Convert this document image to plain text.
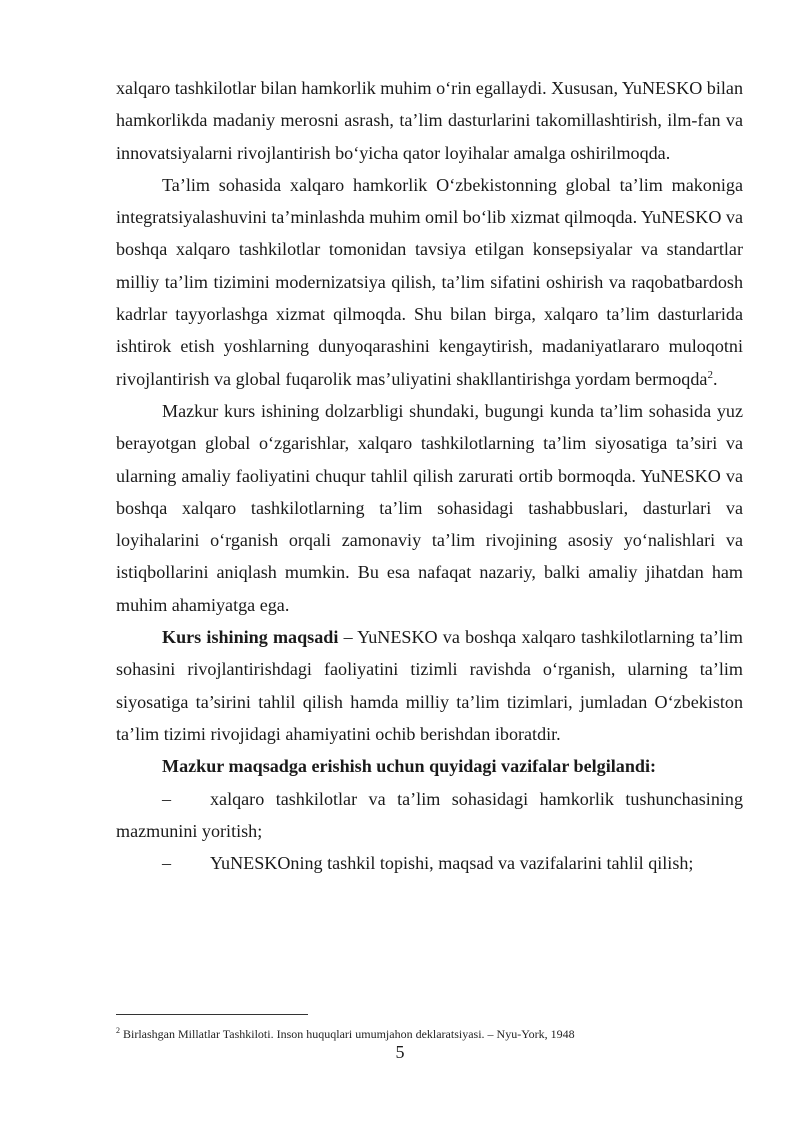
xalqaro tashkilotlar bilan hamkorlik muhim o‘rin egallaydi. Xususan, YuNESKO bilan hamkorlikda madaniy merosni asrash, ta’lim dasturlarini takomillashtirish, ilm-fan va innovatsiyalarni rivojlantirish bo‘yicha qator loyihalar amalga oshirilmoqda.

Ta’lim sohasida xalqaro hamkorlik O‘zbekistonning global ta’lim makoniga integratsiyalashuvini ta’minlashda muhim omil bo‘lib xizmat qilmoqda. YuNESKO va boshqa xalqaro tashkilotlar tomonidan tavsiya etilgan konsepsiyalar va standartlar milliy ta’lim tizimini modernizatsiya qilish, ta’lim sifatini oshirish va raqobatbardosh kadrlar tayyorlashga xizmat qilmoqda. Shu bilan birga, xalqaro ta’lim dasturlarida ishtirok etish yoshlarning dunyoqarashini kengaytirish, madaniyatlararo muloqotni rivojlantirish va global fuqarolik mas’uliyatini shakllantirishga yordam bermoqda$^2$.

Mazkur kurs ishining dolzarbligi shundaki, bugungi kunda ta’lim sohasida yuz berayotgan global o‘zgarishlar, xalqaro tashkilotlarning ta’lim siyosatiga ta’siri va ularning amaliy faoliyatini chuqur tahlil qilish zarurati ortib bormoqda. YuNESKO va boshqa xalqaro tashkilotlarning ta’lim sohasidagi tashabbuslari, dasturlari va loyihalarini o‘rganish orqali zamonaviy ta’lim rivojining asosiy yo‘nalishlari va istiqbollarini aniqlash mumkin. Bu esa nafaqat nazariy, balki amaliy jihatdan ham muhim ahamiyatga ega.

Kurs ishining maqsadi – YuNESKO va boshqa xalqaro tashkilotlarning ta’lim sohasini rivojlantirishdagi faoliyatini tizimli ravishda o‘rganish, ularning ta’lim siyosatiga ta’sirini tahlil qilish hamda milliy ta’lim tizimlari, jumladan O‘zbekiston ta’lim tizimi rivojidagi ahamiyatini ochib berishdan iboratdir.

Mazkur maqsadga erishish uchun quyidagi vazifalar belgilandi:

– xalqaro tashkilotlar va ta’lim sohasidagi hamkorlik tushunchasining mazmunini yoritish;

– YuNESKOning tashkil topishi, maqsad va vazifalarini tahlil qilish;

$^2$ Birlashgan Millatlar Tashkiloti. Inson huquqlari umumjahon deklaratsiyasi. – Nyu-York, 1948
5
